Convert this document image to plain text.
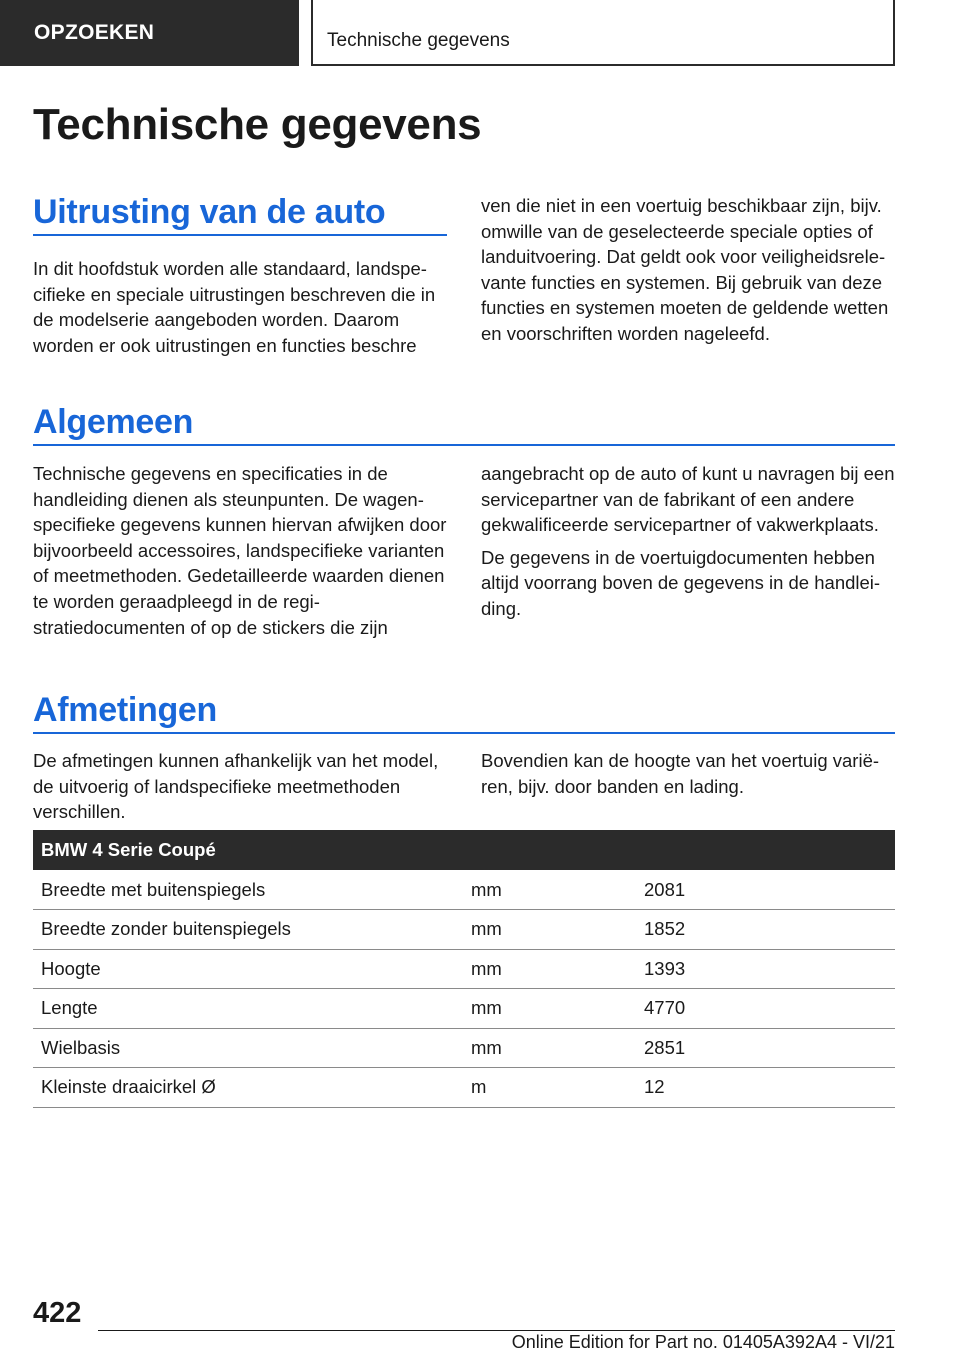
OPZOEKEN	Technische gegevens
Technische gegevens
Uitrusting van de auto
In dit hoofdstuk worden alle standaard, landspecifieke en speciale uitrustingen beschreven die in de modelserie aangeboden worden. Daarom worden er ook uitrustingen en functies beschre
ven die niet in een voertuig beschikbaar zijn, bijv. omwille van de geselecteerde speciale opties of landuitvoering. Dat geldt ook voor veiligheidsrelevante functies en systemen. Bij gebruik van deze functies en systemen moeten de geldende wetten en voorschriften worden nageleefd.
Algemeen
Technische gegevens en specificaties in de handleiding dienen als steunpunten. De wagenspecifieke gegevens kunnen hiervan afwijken door bijvoorbeeld accessoires, landspecifieke varianten of meetmethoden. Gedetailleerde waarden dienen te worden geraadpleegd in de registratiedocumenten of op de stickers die zijn

aangebracht op de auto of kunt u navragen bij een servicepartner van de fabrikant of een andere gekwalificeerde servicepartner of vakwerkplaats.

De gegevens in de voertuigdocumenten hebben altijd voorrang boven de gegevens in de handleiding.

Afmetingen
De afmetingen kunnen afhankelijk van het model, de uitvoerig of landspecifieke meetmethoden verschillen.
Bovendien kan de hoogte van het voertuig variëren, bijv. door banden en lading.
BMW 4 Serie Coupé		
Breedte met buitenspiegels	mm	2081
Breedte zonder buitenspiegels	mm	1852
Hoogte	mm	1393
Lengte	mm	4770
Wielbasis	mm	2851
Kleinste draaicirkel Ø	m	12
422
Online Edition for Part no. 01405A392A4 - VI/21
